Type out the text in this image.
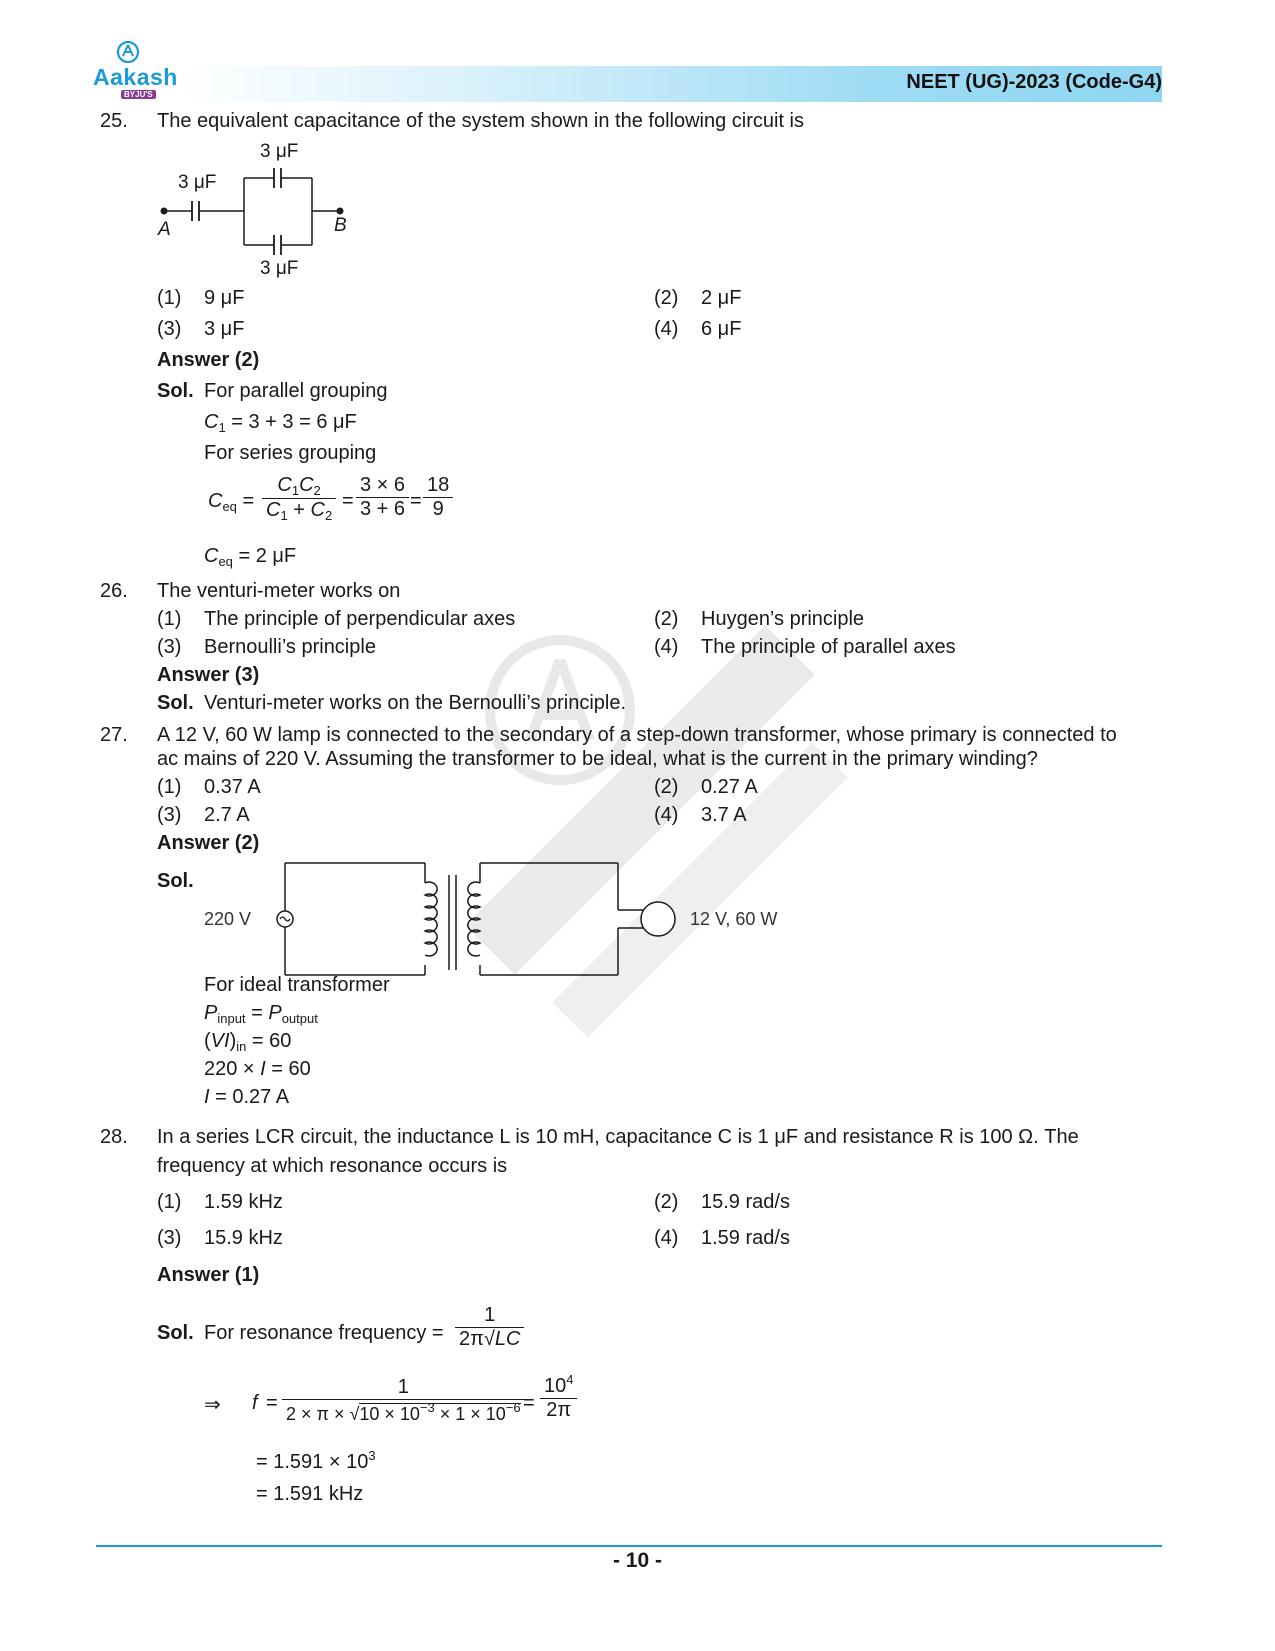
Aakash
BYJU'S
NEET (UG)-2023 (Code-G4)
25. The equivalent capacitance of the system shown in the following circuit is
3 μF
3 μF
3 μF
A	B
(1) 9 μF	(2) 2 μF
(3) 3 μF	(4) 6 μF
Answer (2)
Sol. For parallel grouping
$C_1 = 3 + 3 = 6$ μF
For series grouping
$C_{eq} = \frac{C_1C_2}{C_1 + C_2} = \frac{3 \times 6}{3 + 6} = \frac{18}{9}$
$C_{eq} = 2$ μF
26. The venturi-meter works on
(1) The principle of perpendicular axes	(2) Huygen’s principle
(3) Bernoulli’s principle	(4) The principle of parallel axes
Answer (3)
Sol. Venturi-meter works on the Bernoulli’s principle.
27. A 12 V, 60 W lamp is connected to the secondary of a step-down transformer, whose primary is connected to
ac mains of 220 V. Assuming the transformer to be ideal, what is the current in the primary winding?
(1) 0.37 A	(2) 0.27 A
(3) 2.7 A	(4) 3.7 A
Answer (2)
Sol.
220 V	12 V, 60 W
For ideal transformer
$P_{input} = P_{output}$
$(VI)_{in} = 60$
220 × I = 60
I = 0.27 A
28. In a series LCR circuit, the inductance L is 10 mH, capacitance C is 1 μF and resistance R is 100 Ω. The
frequency at which resonance occurs is
(1) 1.59 kHz	(2) 15.9 rad/s
(3) 15.9 kHz	(4) 1.59 rad/s
Answer (1)
Sol. For resonance frequency = $\frac{1}{2\pi√LC}$
⇒ $f = \frac{1}{2 \times \pi \times √10 \times 10^{-3} \times 1 \times 10^{-6}}$
= $\frac{10^4}{2\pi}$
= $1.591 \times 10^3$
= 1.591 kHz
- 10 -
